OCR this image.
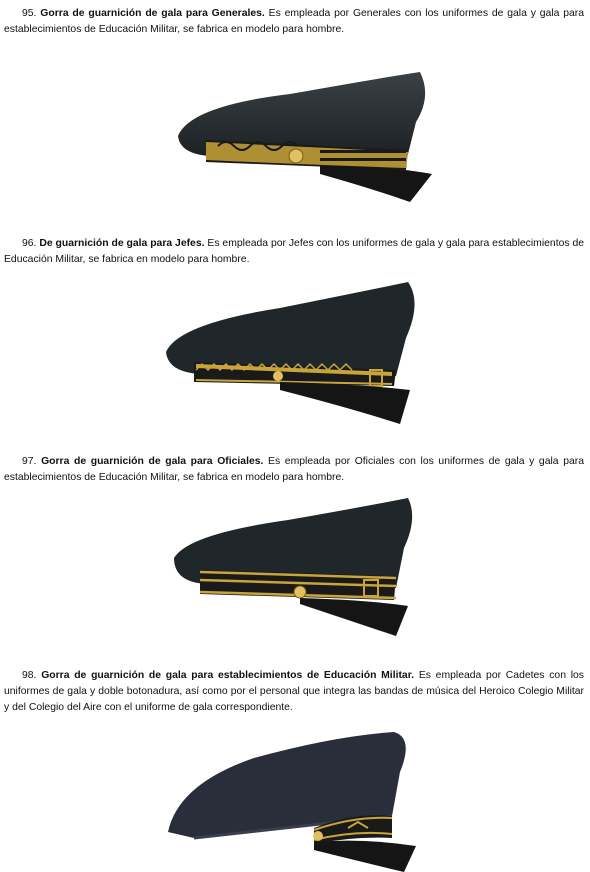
95. Gorra de guarnición de gala para Generales. Es empleada por Generales con los uniformes de gala y gala para establecimientos de Educación Militar, se fabrica en modelo para hombre.

96. De guarnición de gala para Jefes. Es empleada por Jefes con los uniformes de gala y gala para establecimientos de Educación Militar, se fabrica en modelo para hombre.

97. Gorra de guarnición de gala para Oficiales. Es empleada por Oficiales con los uniformes de gala y gala para establecimientos de Educación Militar, se fabrica en modelo para hombre.

98. Gorra de guarnición de gala para establecimientos de Educación Militar. Es empleada por Cadetes con los uniformes de gala y doble botonadura, así como por el personal que integra las bandas de música del Heroico Colegio Militar y del Colegio del Aire con el uniforme de gala correspondiente.
